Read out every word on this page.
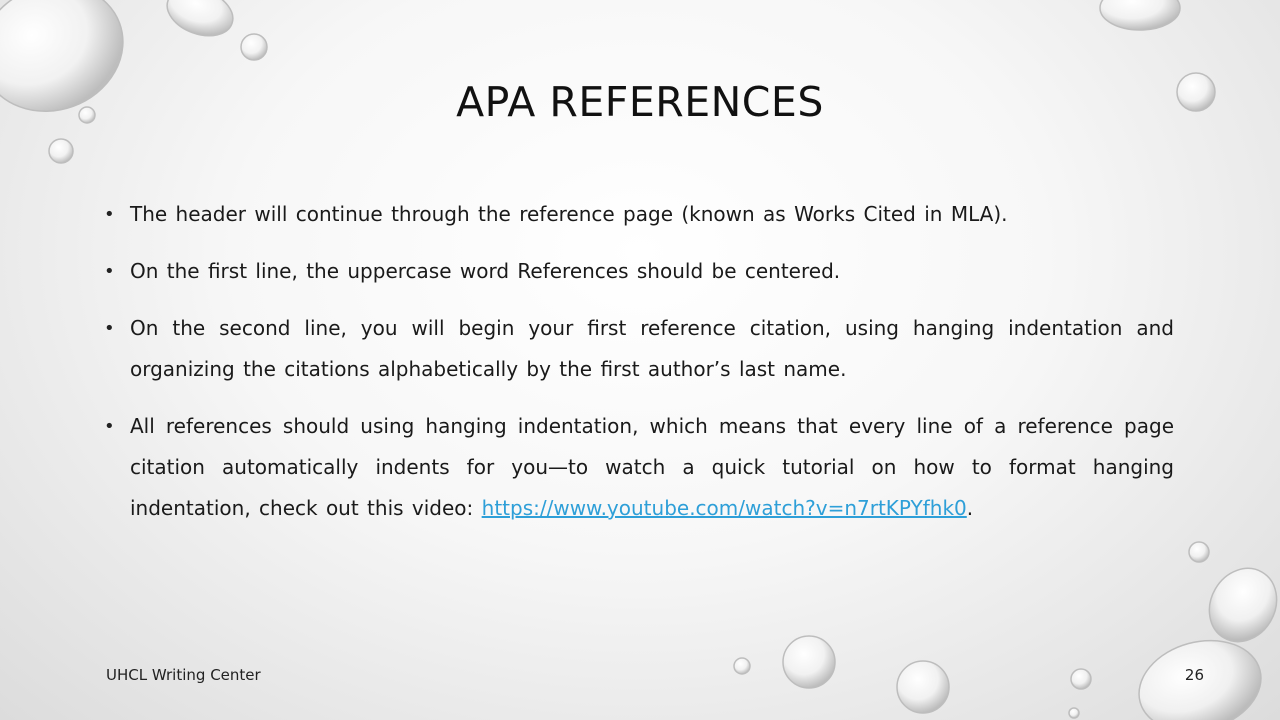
APA REFERENCES
• The header will continue through the reference page (known as Works Cited in MLA).
• On the first line, the uppercase word References should be centered.
• On the second line, you will begin your first reference citation, using hanging indentation and organizing the citations alphabetically by the first author’s last name.
• All references should using hanging indentation, which means that every line of a reference page citation automatically indents for you—to watch a quick tutorial on how to format hanging indentation, check out this video: https://www.youtube.com/watch?v=n7rtKPYfhk0.
UHCL Writing Center	26
